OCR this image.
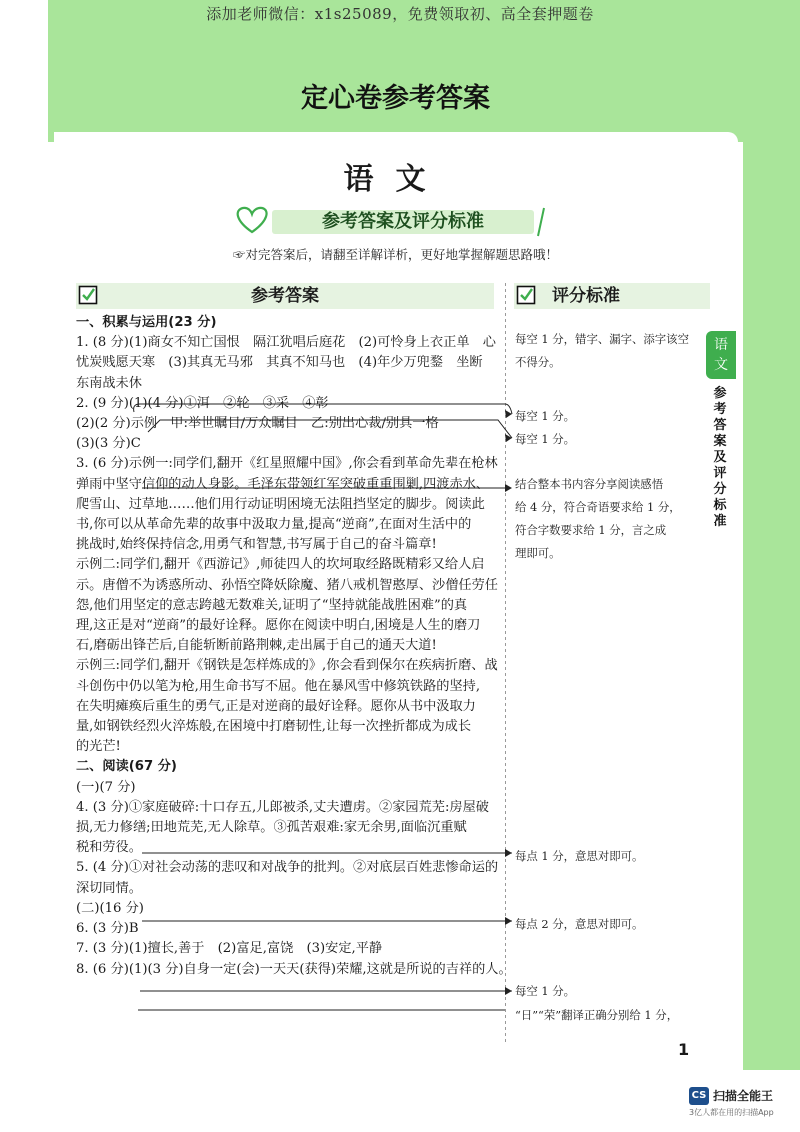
添加老师微信：x1s25089，免费领取初、高全套押题卷
定心卷参考答案
语文
参考答案及评分标准
☞对完答案后，请翻至详解详析，更好地掌握解题思路哦！
参考答案	评分标准
一、积累与运用(23 分)
1. (8 分)(1)商女不知亡国恨　隔江犹唱后庭花　(2)可怜身上衣正单　心
忧炭贱愿天寒　(3)其真无马邪　其真不知马也　(4)年少万兜鍪　坐断
东南战未休
2. (9 分)(1)(4 分)①洱　②轮　③采　④彰
(2)(2 分)示例　甲:举世瞩目/万众瞩目　乙:别出心裁/别具一格
(3)(3 分)C
3. (6 分)示例一:同学们,翻开《红星照耀中国》,你会看到革命先辈在枪林
弹雨中坚守信仰的动人身影。毛泽东带领红军突破重重围剿,四渡赤水、
爬雪山、过草地……他们用行动证明困境无法阻挡坚定的脚步。阅读此
书,你可以从革命先辈的故事中汲取力量,提高“逆商”,在面对生活中的
挑战时,始终保持信念,用勇气和智慧,书写属于自己的奋斗篇章!
示例二:同学们,翻开《西游记》,师徒四人的坎坷取经路既精彩又给人启
示。唐僧不为诱惑所动、孙悟空降妖除魔、猪八戒机智憨厚、沙僧任劳任
怨,他们用坚定的意志跨越无数难关,证明了“坚持就能战胜困难”的真
理,这正是对“逆商”的最好诠释。愿你在阅读中明白,困境是人生的磨刀
石,磨砺出锋芒后,自能斩断前路荆棘,走出属于自己的通天大道!
示例三:同学们,翻开《钢铁是怎样炼成的》,你会看到保尔在疾病折磨、战
斗创伤中仍以笔为枪,用生命书写不屈。他在暴风雪中修筑铁路的坚持,
在失明瘫痪后重生的勇气,正是对逆商的最好诠释。愿你从书中汲取力
量,如钢铁经烈火淬炼般,在困境中打磨韧性,让每一次挫折都成为成长
的光芒!
二、阅读(67 分)
(一)(7 分)
4. (3 分)①家庭破碎:十口存五,儿郎被杀,丈夫遭虏。②家园荒芜:房屋破
损,无力修缮;田地荒芜,无人除草。③孤苦艰难:家无余男,面临沉重赋
税和劳役。
5. (4 分)①对社会动荡的悲叹和对战争的批判。②对底层百姓悲惨命运的
深切同情。
(二)(16 分)
6. (3 分)B
7. (3 分)(1)擅长,善于　(2)富足,富饶　(3)安定,平静
8. (6 分)(1)(3 分)自身一定(会)一天天(获得)荣耀,这就是所说的吉祥的人。
每空 1 分，错字、漏字、添字该空
不得分。
每空 1 分。
每空 1 分。
结合整本书内容分享阅读感悟
给 4 分，符合奇语要求给 1 分，
符合字数要求给 1 分，言之成
理即可。
每点 1 分，意思对即可。
每点 2 分，意思对即可。
每空 1 分。
“日”“荣”翻译正确分别给 1 分，
语
文
参
考
答
案
及
评
分
标
准
1
CS 扫描全能王
3亿人都在用的扫描App
